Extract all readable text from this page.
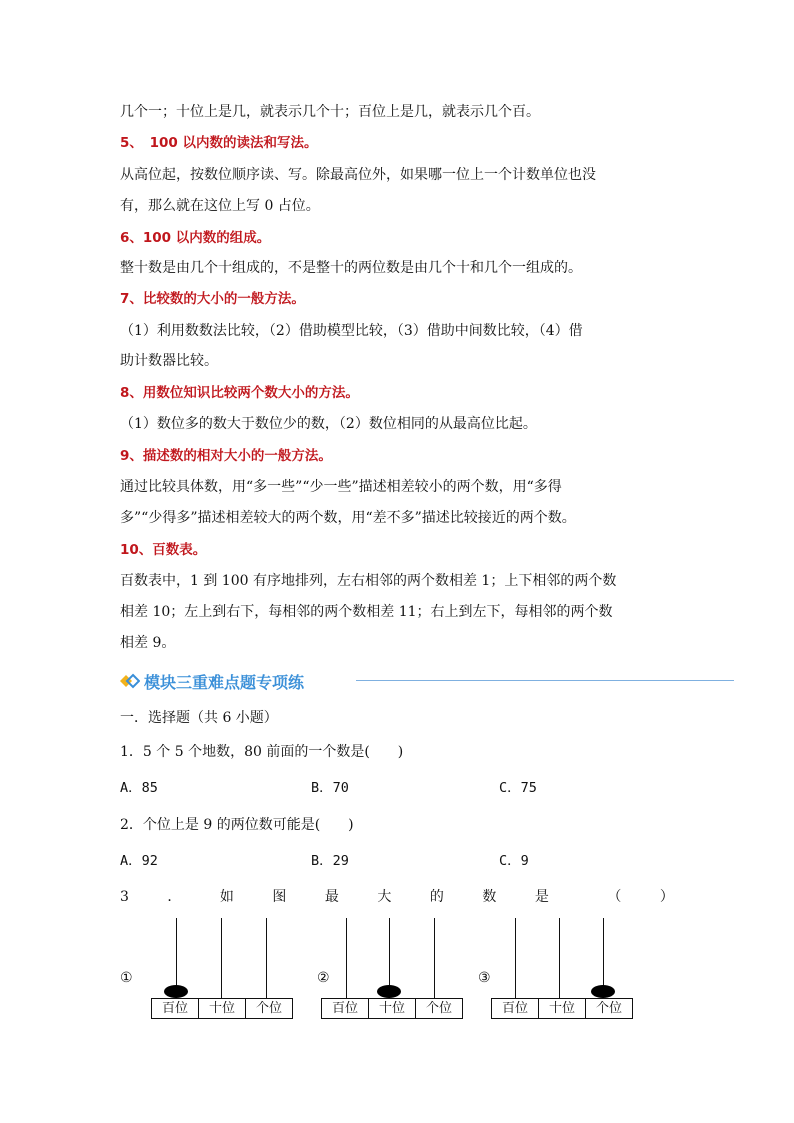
几个一；十位上是几，就表示几个十；百位上是几，就表示几个百。
5、　100 以内数的读法和写法。
从高位起，按数位顺序读、写。除最高位外，如果哪一位上一个计数单位也没
有，那么就在这位上写 0 占位。
6、100 以内数的组成。
整十数是由几个十组成的，不是整十的两位数是由几个十和几个一组成的。
7、比较数的大小的一般方法。
（1）利用数数法比较，（2）借助模型比较，（3）借助中间数比较，（4）借
助计数器比较。
8、用数位知识比较两个数大小的方法。
（1）数位多的数大于数位少的数，（2）数位相同的从最高位比起。
9、描述数的相对大小的一般方法。
通过比较具体数，用“多一些”“少一些”描述相差较小的两个数，用“多得
多”“少得多”描述相差较大的两个数，用“差不多”描述比较接近的两个数。
10、百数表。
百数表中，1 到 100 有序地排列，左右相邻的两个数相差 1；上下相邻的两个数
相差 10；左上到右下，每相邻的两个数相差 11；右上到左下，每相邻的两个数
相差 9。
模块三重难点题专项练
一．选择题（共 6 小题）
1．5 个 5 个地数，80 前面的一个数是(　　)
A．85	B．70	C．75
2．个位上是 9 的两位数可能是(　　)
A．92	B．29	C．9
3	．	如	图	最	大	的	数	是	（	）
①
百位	十位	个位
②
百位	十位	个位
③
百位	十位	个位
